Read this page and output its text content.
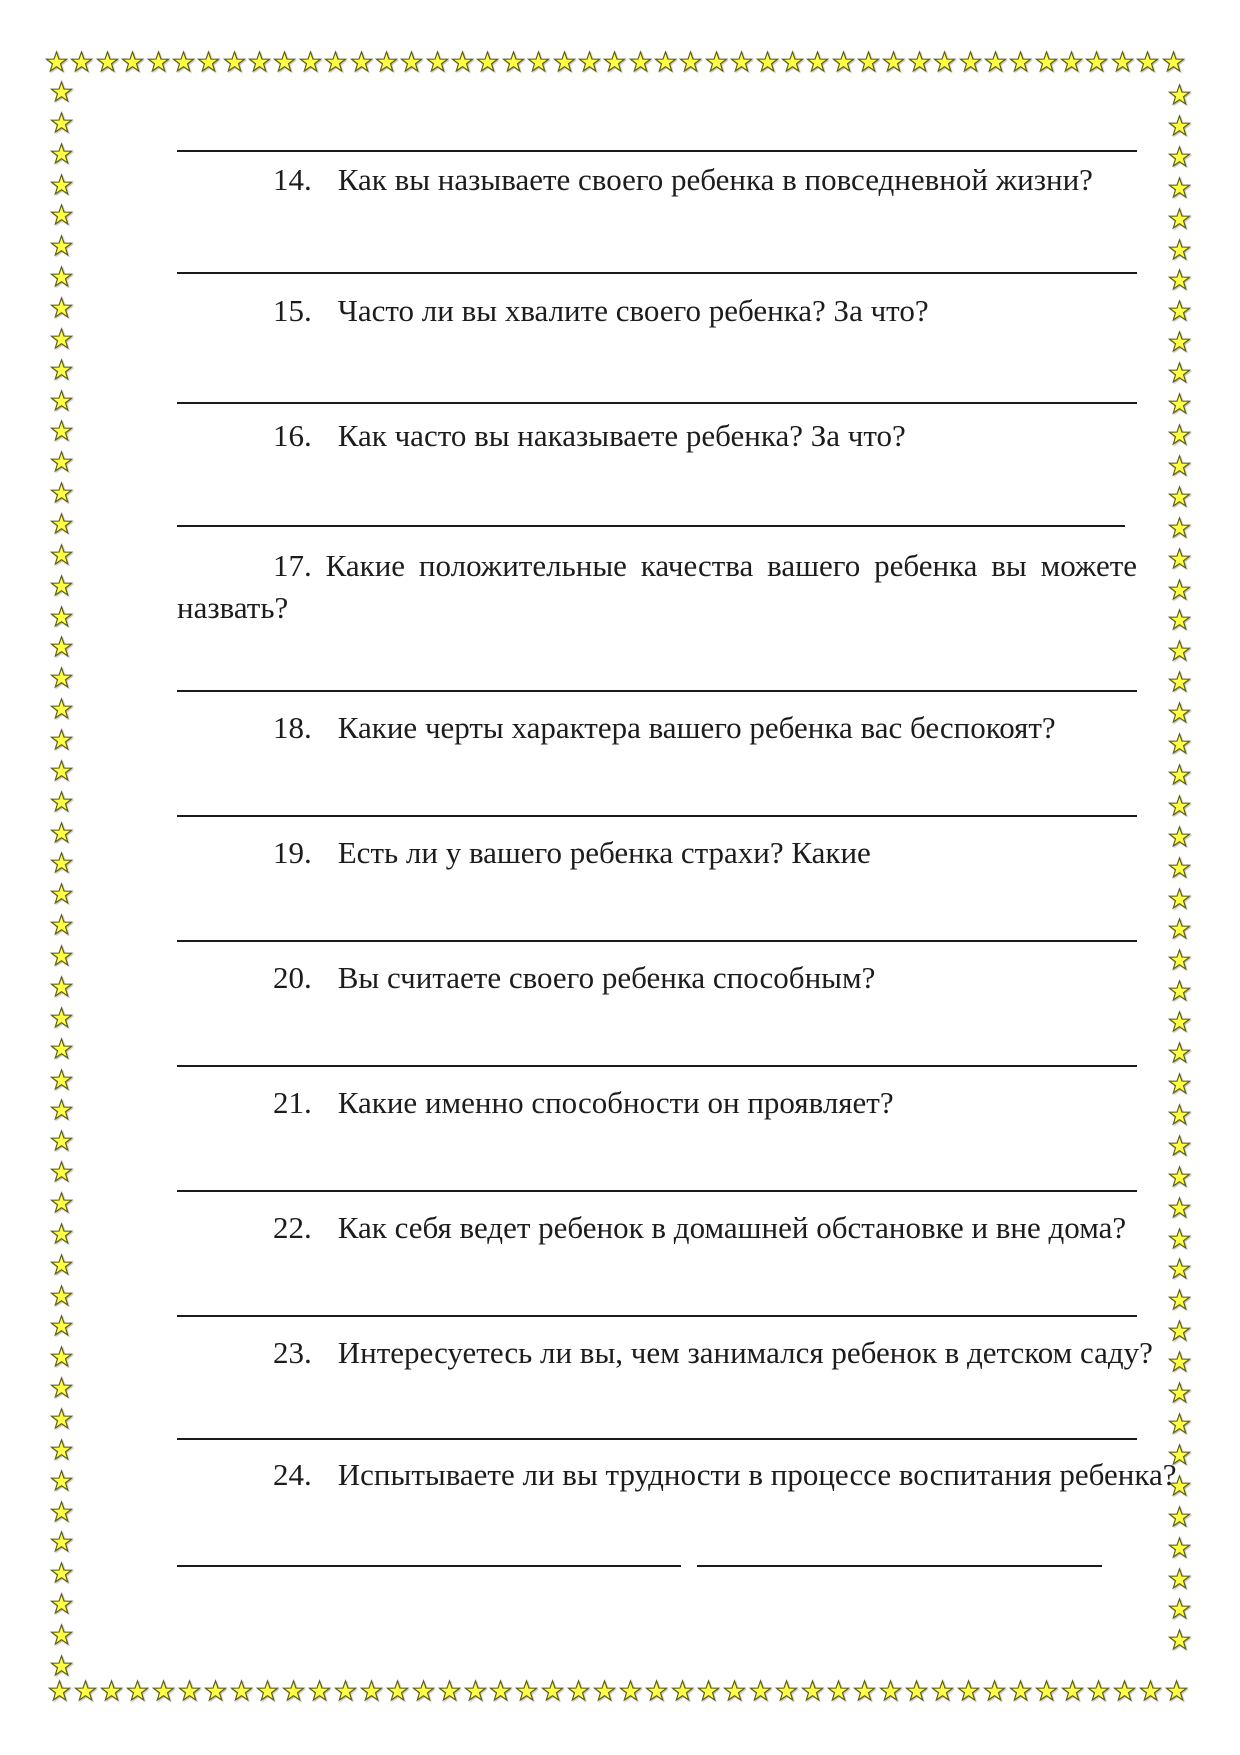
14. Как вы называете своего ребенка в повседневной жизни?

15. Часто ли вы хвалите своего ребенка? За что?

16. Как часто вы наказываете ребенка? За что?

17. Какие положительные качества вашего ребенка вы можете
назвать?

18. Какие черты характера вашего ребенка вас беспокоят?

19. Есть ли у вашего ребенка страхи? Какие

20. Вы считаете своего ребенка способным?

21. Какие именно способности он проявляет?

22. Как себя ведет ребенок в домашней обстановке и вне дома?

23. Интересуетесь ли вы, чем занимался ребенок в детском саду?

24. Испытываете ли вы трудности в процессе воспитания ребенка?
